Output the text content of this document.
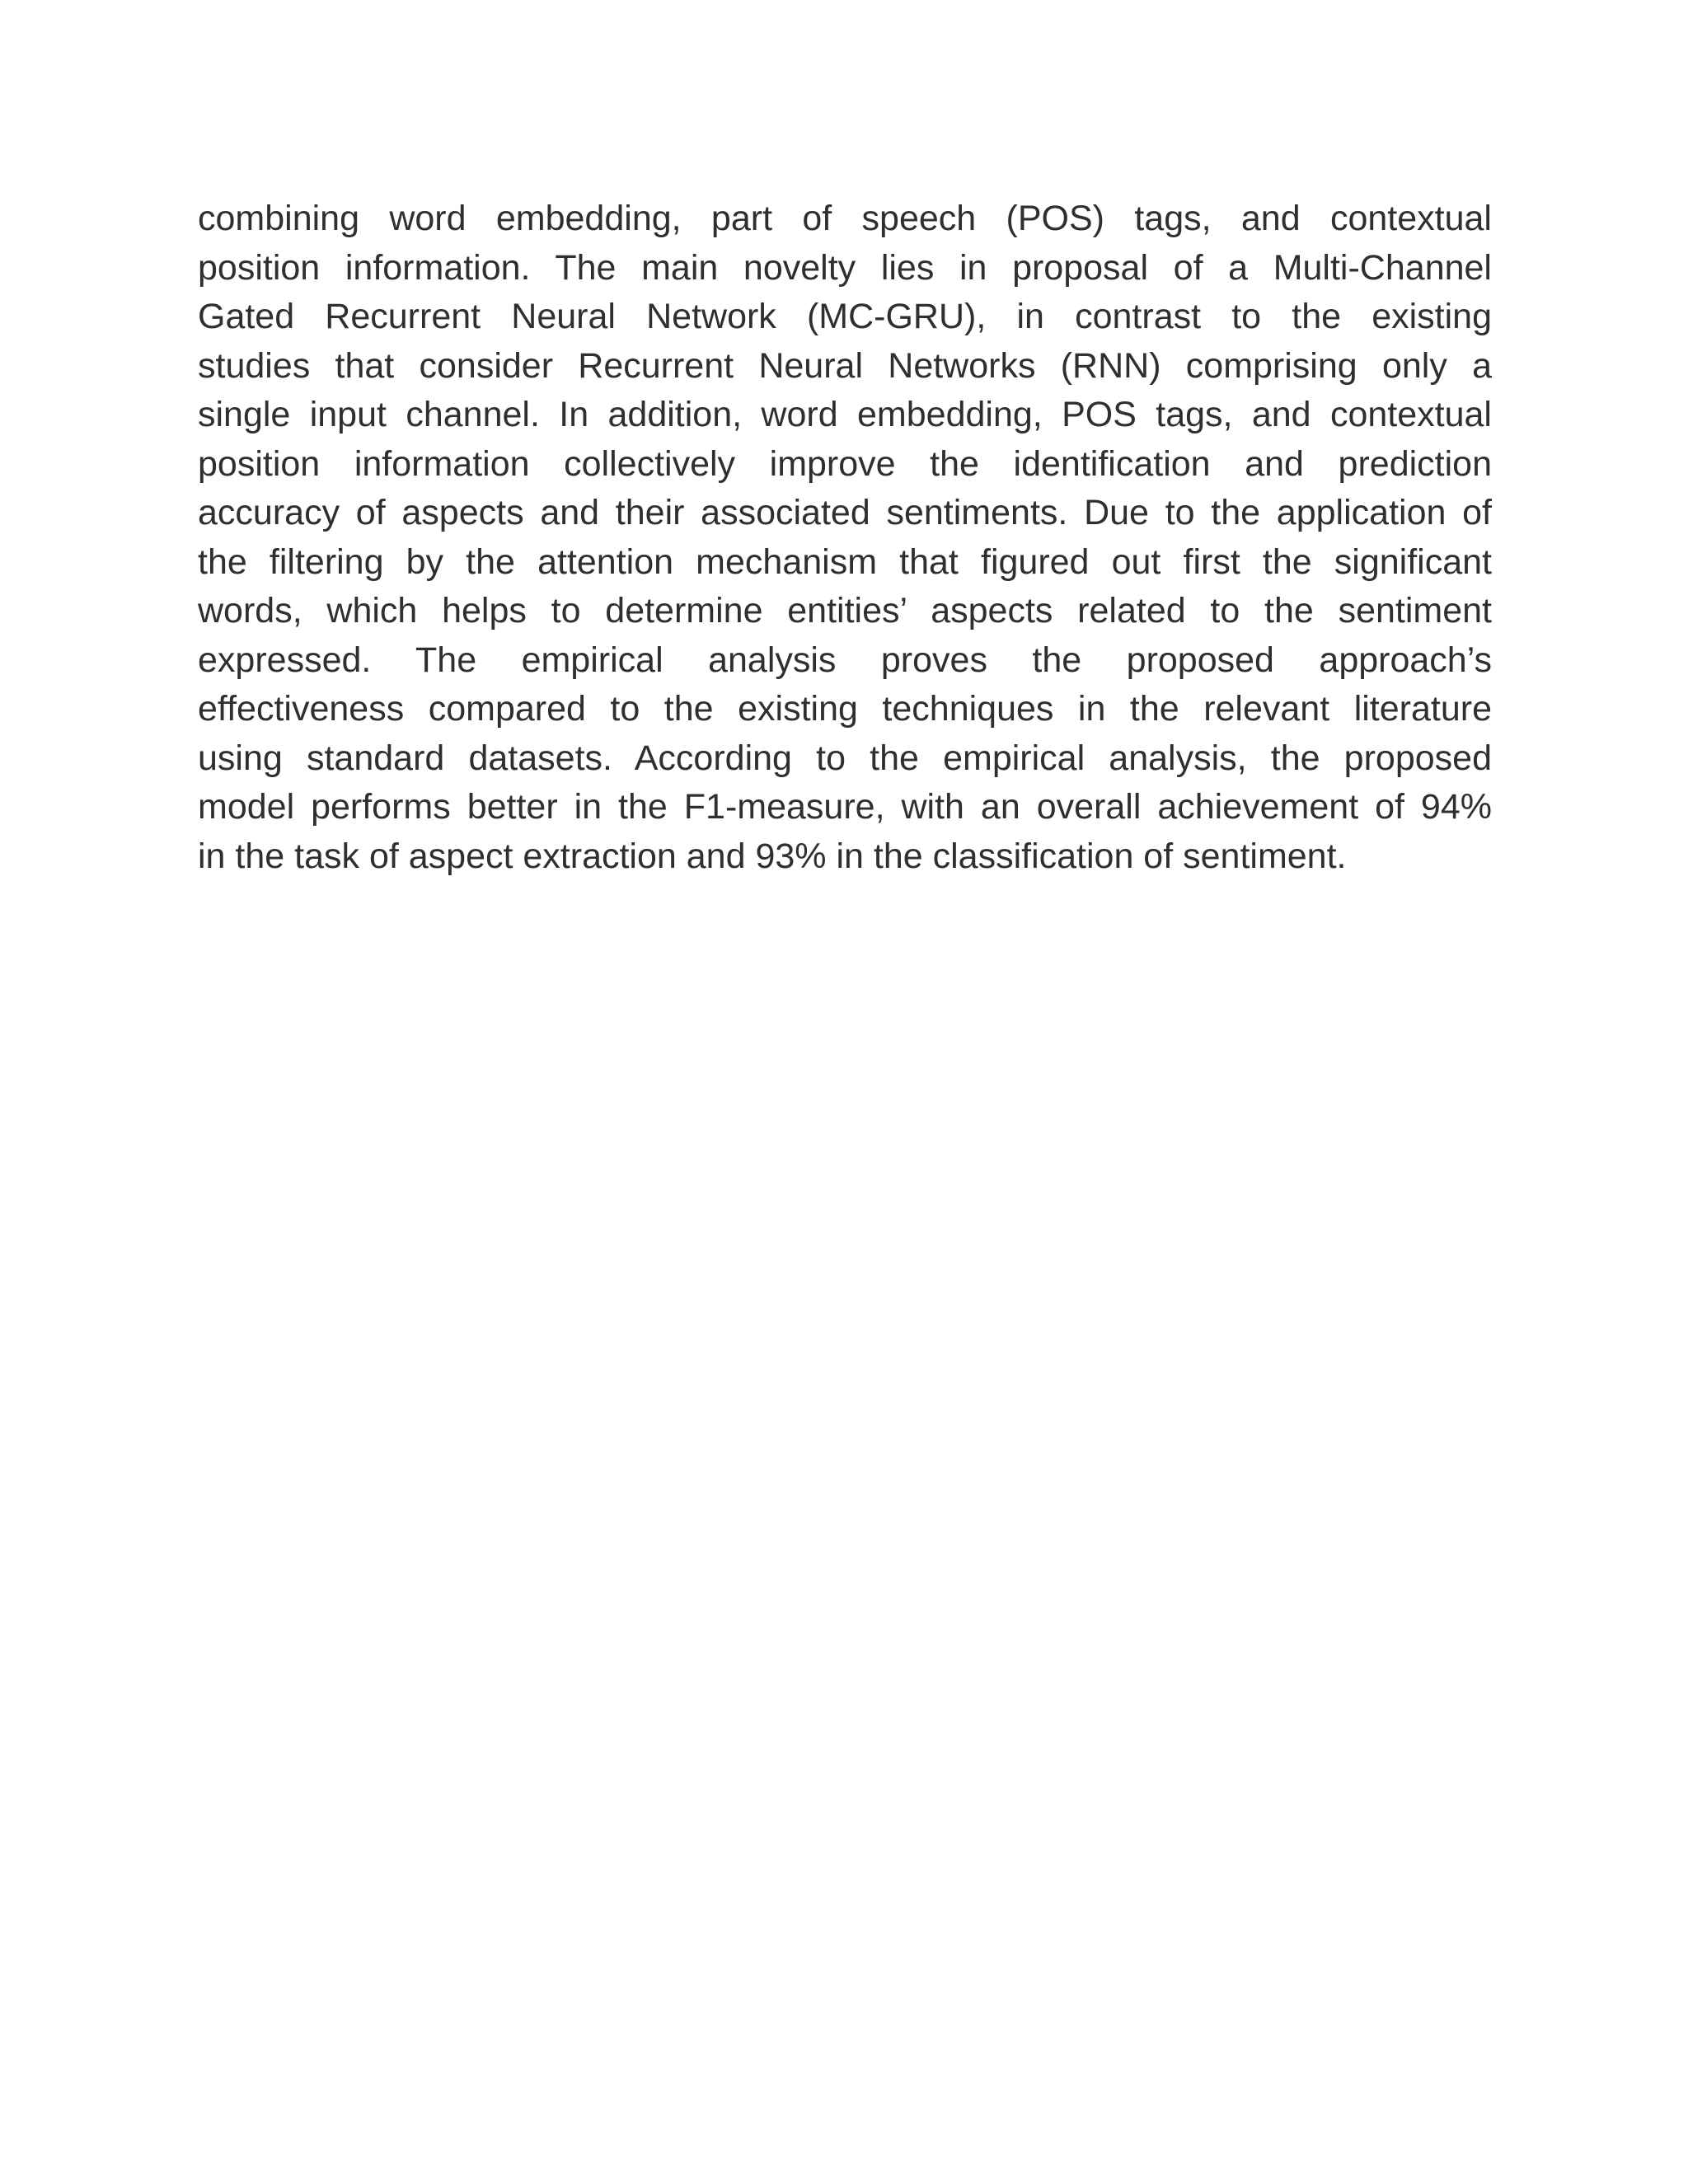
combining word embedding, part of speech (POS) tags, and contextual
position information. The main novelty lies in proposal of a Multi-Channel
Gated Recurrent Neural Network (MC-GRU), in contrast to the existing
studies that consider Recurrent Neural Networks (RNN) comprising only a
single input channel. In addition, word embedding, POS tags, and contextual
position information collectively improve the identification and prediction
accuracy of aspects and their associated sentiments. Due to the application of
the filtering by the attention mechanism that figured out first the significant
words, which helps to determine entities’ aspects related to the sentiment
expressed. The empirical analysis proves the proposed approach’s
effectiveness compared to the existing techniques in the relevant literature
using standard datasets. According to the empirical analysis, the proposed
model performs better in the F1-measure, with an overall achievement of 94%
in the task of aspect extraction and 93% in the classification of sentiment.
